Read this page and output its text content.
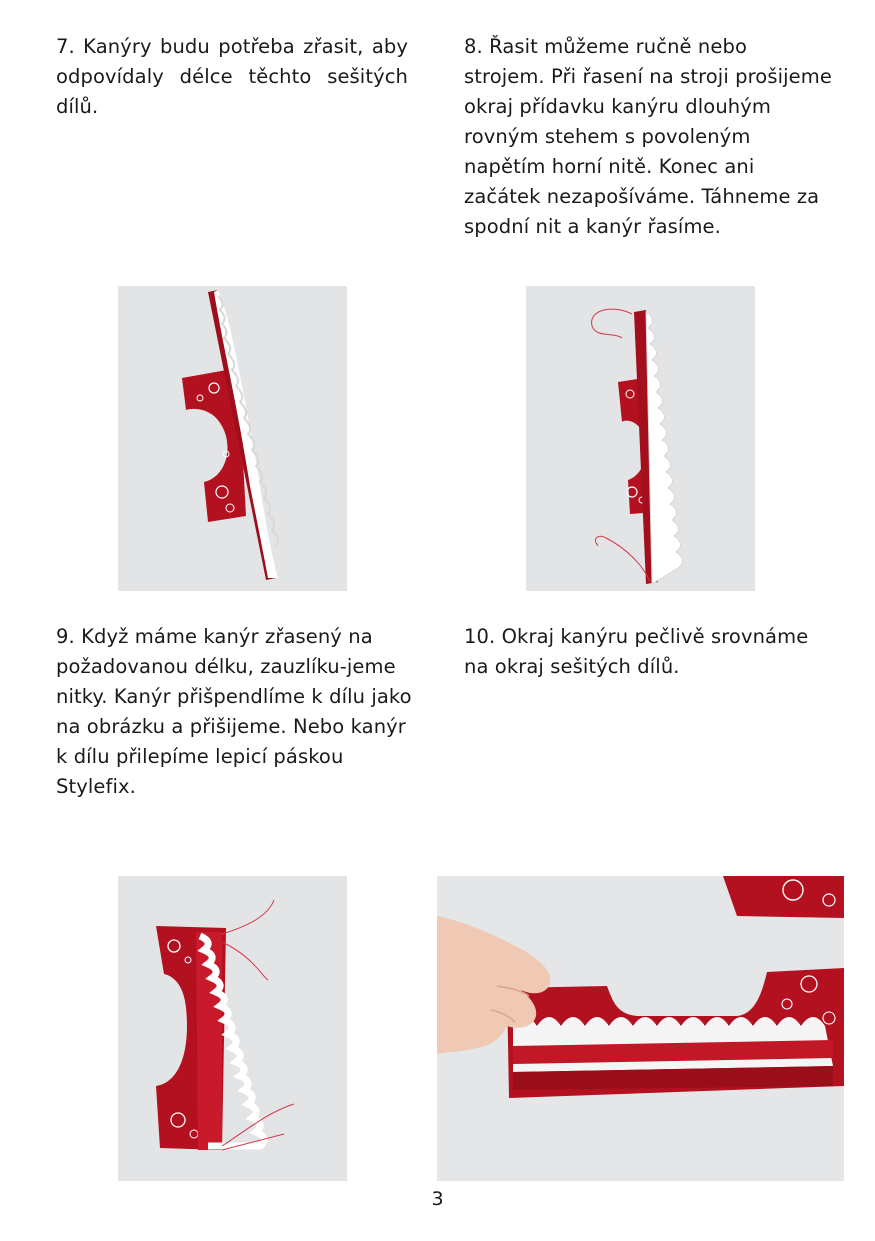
7. Kanýry budu potřeba zřasit, aby odpovídaly délce těchto sešitých dílů.

8. Řasit můžeme ručně nebo strojem. Při řasení na stroji prošijeme okraj přídavku kanýru dlouhým rovným stehem s povoleným napětím horní nitě. Konec ani začátek nezapošíváme. Táhneme za spodní nit a kanýr řasíme.

9. Když máme kanýr zřasený na požadovanou délku, zauzlíku-jeme nitky. Kanýr přišpendlíme k dílu jako na obrázku a přišijeme. Nebo kanýr k dílu přilepíme lepicí páskou Stylefix.

10. Okraj kanýru pečlivě srovnáme na okraj sešitých dílů.

3
